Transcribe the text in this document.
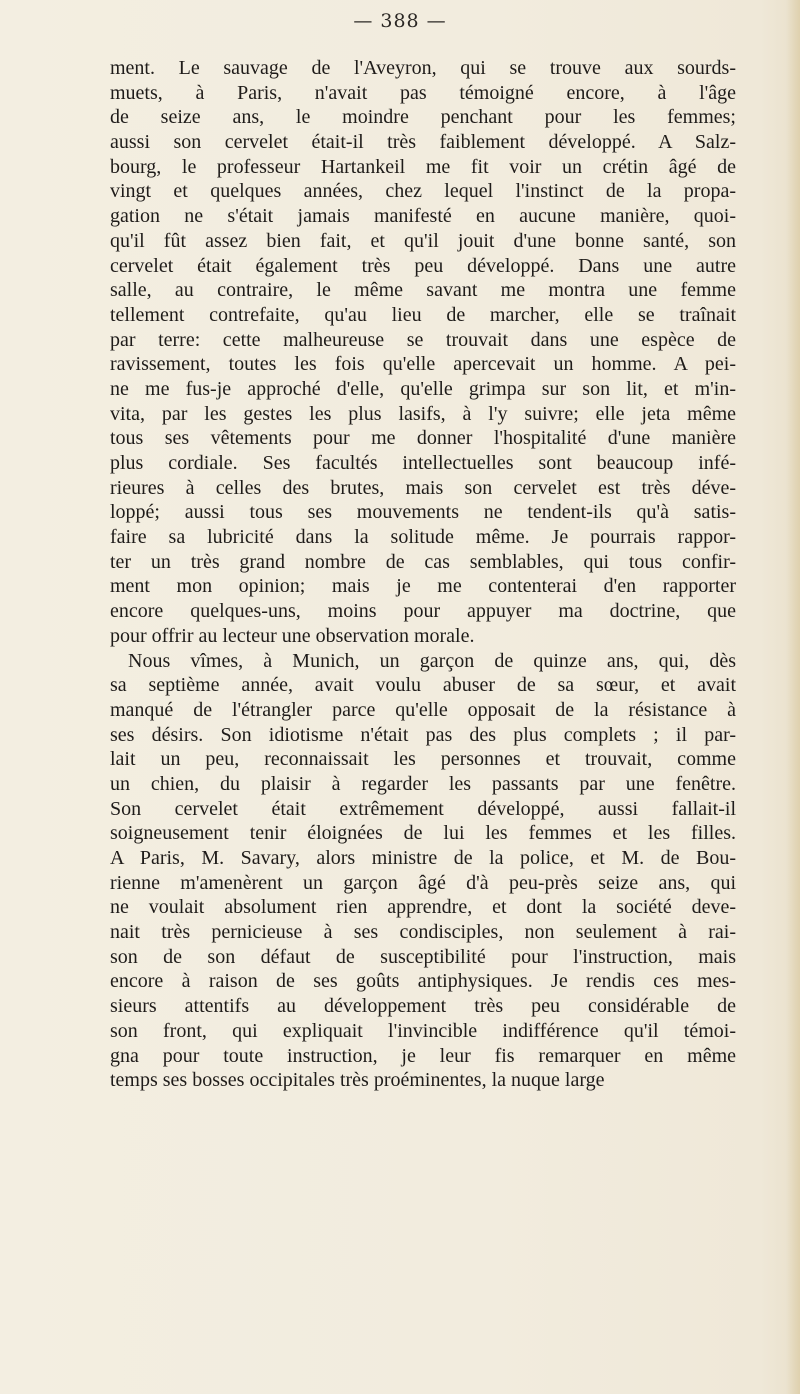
— 388 —
ment. Le sauvage de l'Aveyron, qui se trouve aux sourds-
muets, à Paris, n'avait pas témoigné encore, à l'âge
de seize ans, le moindre penchant pour les femmes;
aussi son cervelet était-il très faiblement développé. A Salz-
bourg, le professeur Hartankeil me fit voir un crétin âgé de
vingt et quelques années, chez lequel l'instinct de la propa-
gation ne s'était jamais manifesté en aucune manière, quoi-
qu'il fût assez bien fait, et qu'il jouit d'une bonne santé, son
cervelet était également très peu développé. Dans une autre
salle, au contraire, le même savant me montra une femme
tellement contrefaite, qu'au lieu de marcher, elle se traînait
par terre: cette malheureuse se trouvait dans une espèce de
ravissement, toutes les fois qu'elle apercevait un homme. A pei-
ne me fus-je approché d'elle, qu'elle grimpa sur son lit, et m'in-
vita, par les gestes les plus lasifs, à l'y suivre; elle jeta même
tous ses vêtements pour me donner l'hospitalité d'une manière
plus cordiale. Ses facultés intellectuelles sont beaucoup infé-
rieures à celles des brutes, mais son cervelet est très déve-
loppé; aussi tous ses mouvements ne tendent-ils qu'à satis-
faire sa lubricité dans la solitude même. Je pourrais rappor-
ter un très grand nombre de cas semblables, qui tous confir-
ment mon opinion; mais je me contenterai d'en rapporter
encore quelques-uns, moins pour appuyer ma doctrine, que
pour offrir au lecteur une observation morale.
Nous vîmes, à Munich, un garçon de quinze ans, qui, dès
sa septième année, avait voulu abuser de sa sœur, et avait
manqué de l'étrangler parce qu'elle opposait de la résistance à
ses désirs. Son idiotisme n'était pas des plus complets ; il par-
lait un peu, reconnaissait les personnes et trouvait, comme
un chien, du plaisir à regarder les passants par une fenêtre.
Son cervelet était extrêmement développé, aussi fallait-il
soigneusement tenir éloignées de lui les femmes et les filles.
A Paris, M. Savary, alors ministre de la police, et M. de Bou-
rienne m'amenèrent un garçon âgé d'à peu-près seize ans, qui
ne voulait absolument rien apprendre, et dont la société deve-
nait très pernicieuse à ses condisciples, non seulement à rai-
son de son défaut de susceptibilité pour l'instruction, mais
encore à raison de ses goûts antiphysiques. Je rendis ces mes-
sieurs attentifs au développement très peu considérable de
son front, qui expliquait l'invincible indifférence qu'il témoi-
gna pour toute instruction, je leur fis remarquer en même
temps ses bosses occipitales très proéminentes, la nuque large
